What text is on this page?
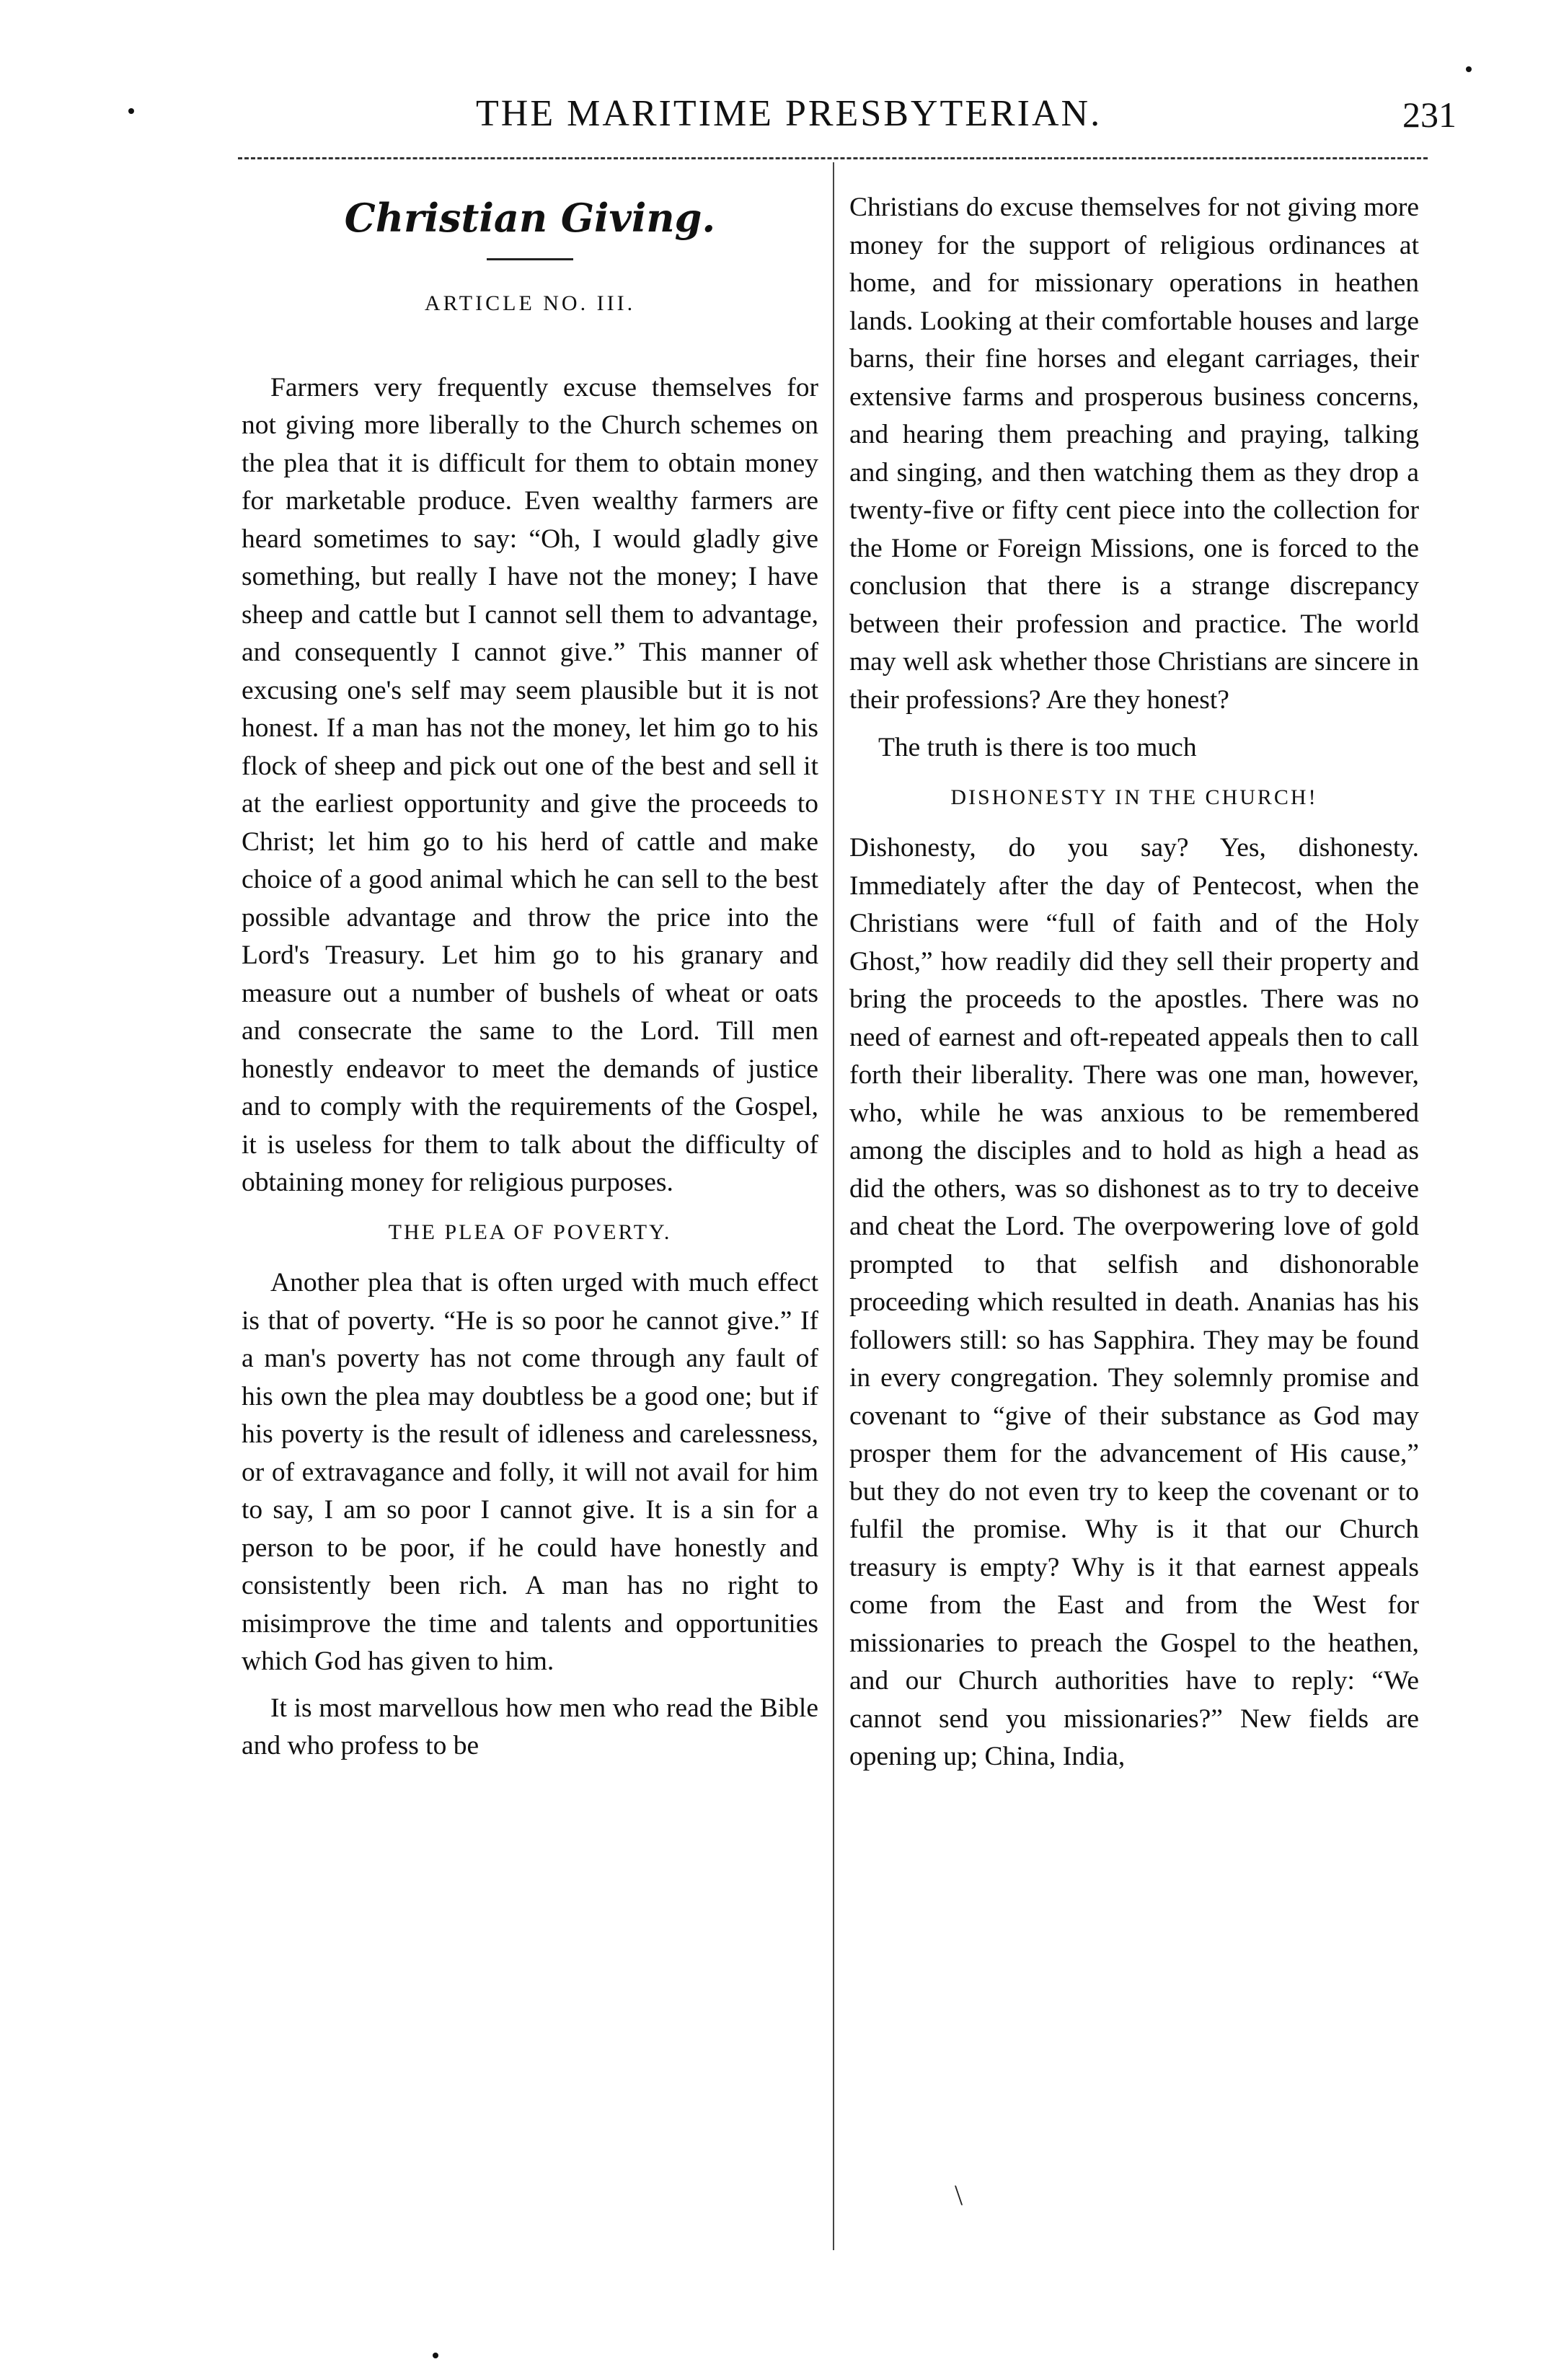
THE MARITIME PRESBYTERIAN.	231
Christian Giving.
ARTICLE NO. III.

Farmers very frequently excuse themselves for not giving more liberally to the Church schemes on the plea that it is difficult for them to obtain money for marketable produce. Even wealthy farmers are heard sometimes to say: “Oh, I would gladly give something, but really I have not the money; I have sheep and cattle but I cannot sell them to advantage, and consequently I cannot give.” This manner of excusing one's self may seem plausible but it is not honest. If a man has not the money, let him go to his flock of sheep and pick out one of the best and sell it at the earliest opportunity and give the proceeds to Christ; let him go to his herd of cattle and make choice of a good animal which he can sell to the best possible advantage and throw the price into the Lord's Treasury. Let him go to his granary and measure out a number of bushels of wheat or oats and consecrate the same to the Lord. Till men honestly endeavor to meet the demands of justice and to comply with the requirements of the Gospel, it is useless for them to talk about the difficulty of obtaining money for religious purposes.

THE PLEA OF POVERTY.

Another plea that is often urged with much effect is that of poverty. “He is so poor he cannot give.” If a man's poverty has not come through any fault of his own the plea may doubtless be a good one; but if his poverty is the result of idleness and carelessness, or of extravagance and folly, it will not avail for him to say, I am so poor I cannot give. It is a sin for a person to be poor, if he could have honestly and consistently been rich. A man has no right to misimprove the time and talents and opportunities which God has given to him.

It is most marvellous how men who read the Bible and who profess to be

Christians do excuse themselves for not giving more money for the support of religious ordinances at home, and for missionary operations in heathen lands. Looking at their comfortable houses and large barns, their fine horses and elegant carriages, their extensive farms and prosperous business concerns, and hearing them preaching and praying, talking and singing, and then watching them as they drop a twenty-five or fifty cent piece into the collection for the Home or Foreign Missions, one is forced to the conclusion that there is a strange discrepancy between their profession and practice. The world may well ask whether those Christians are sincere in their professions? Are they honest?

The truth is there is too much

DISHONESTY IN THE CHURCH!

Dishonesty, do you say? Yes, dishonesty. Immediately after the day of Pentecost, when the Christians were “full of faith and of the Holy Ghost,” how readily did they sell their property and bring the proceeds to the apostles. There was no need of earnest and oft-repeated appeals then to call forth their liberality. There was one man, however, who, while he was anxious to be remembered among the disciples and to hold as high a head as did the others, was so dishonest as to try to deceive and cheat the Lord. The overpowering love of gold prompted to that selfish and dishonorable proceeding which resulted in death. Ananias has his followers still: so has Sapphira. They may be found in every congregation. They solemnly promise and covenant to “give of their substance as God may prosper them for the advancement of His cause,” but they do not even try to keep the covenant or to fulfil the promise. Why is it that our Church treasury is empty? Why is it that earnest appeals come from the East and from the West for missionaries to preach the Gospel to the heathen, and our Church authorities have to reply: “We cannot send you missionaries?” New fields are opening up; China, India,

\
